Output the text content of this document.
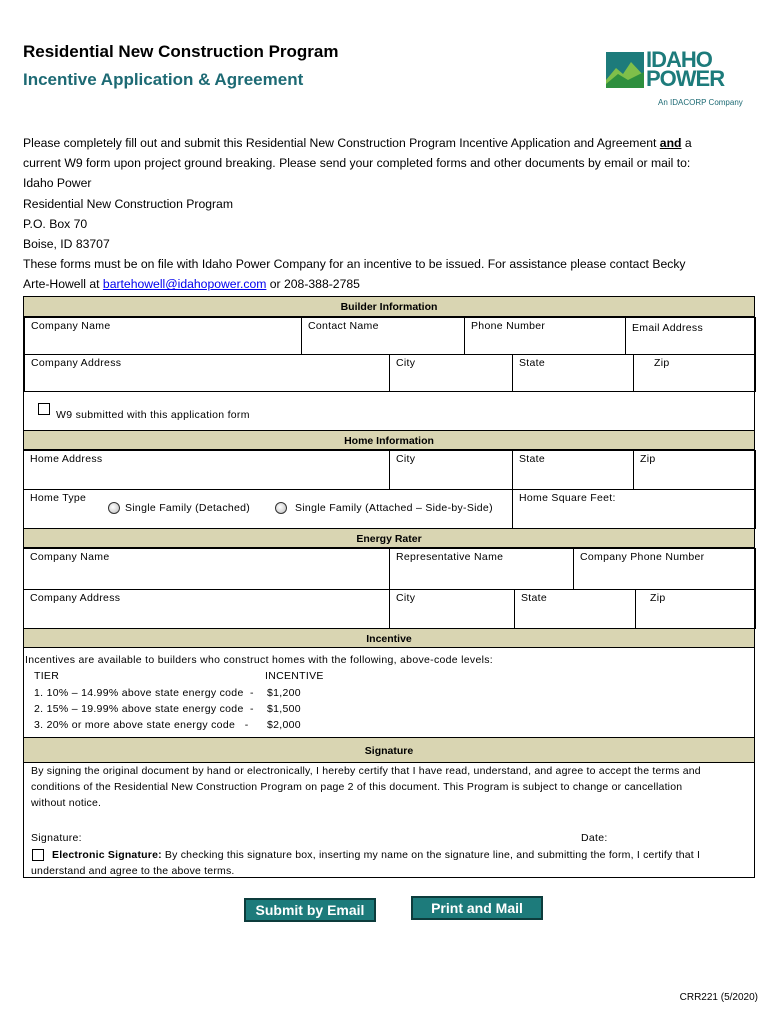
Residential New Construction Program
Incentive Application & Agreement
IDAHO
POWER
An IDACORP Company
Please completely fill out and submit this Residential New Construction Program Incentive Application and Agreement and a
current W9 form upon project ground breaking. Please send your completed forms and other documents by email or mail to:
Idaho Power
Residential New Construction Program
P.O. Box 70
Boise, ID 83707
These forms must be on file with Idaho Power Company for an incentive to be issued. For assistance please contact Becky
Arte-Howell at bartehowell@idahopower.com or 208-388-2785
Builder Information
Company Name	Contact Name	Phone Number	Email Address
Company Address	City	State	Zip
W9 submitted with this application form
Home Information
Home Address	City	State	Zip
Home Type
Single Family (Detached)	Single Family (Attached – Side-by-Side)
Home Square Feet:
Energy Rater
Company Name	Representative Name	Company Phone Number
Company Address	City	State	Zip
Incentive
Incentives are available to builders who construct homes with the following, above-code levels:
TIER	INCENTIVE
1. 10% – 14.99% above state energy code  - $1,200
2. 15% – 19.99% above state energy code  - $1,500
3. 20% or more above state energy code   - $2,000
Signature
By signing the original document by hand or electronically, I hereby certify that I have read, understand, and agree to accept the terms and
conditions of the Residential New Construction Program on page 2 of this document. This Program is subject to change or cancellation
without notice.
Signature:	Date:
Electronic Signature: By checking this signature box, inserting my name on the signature line, and submitting the form, I certify that I
understand and agree to the above terms.
Submit by Email	Print and Mail
CRR221 (5/2020)
